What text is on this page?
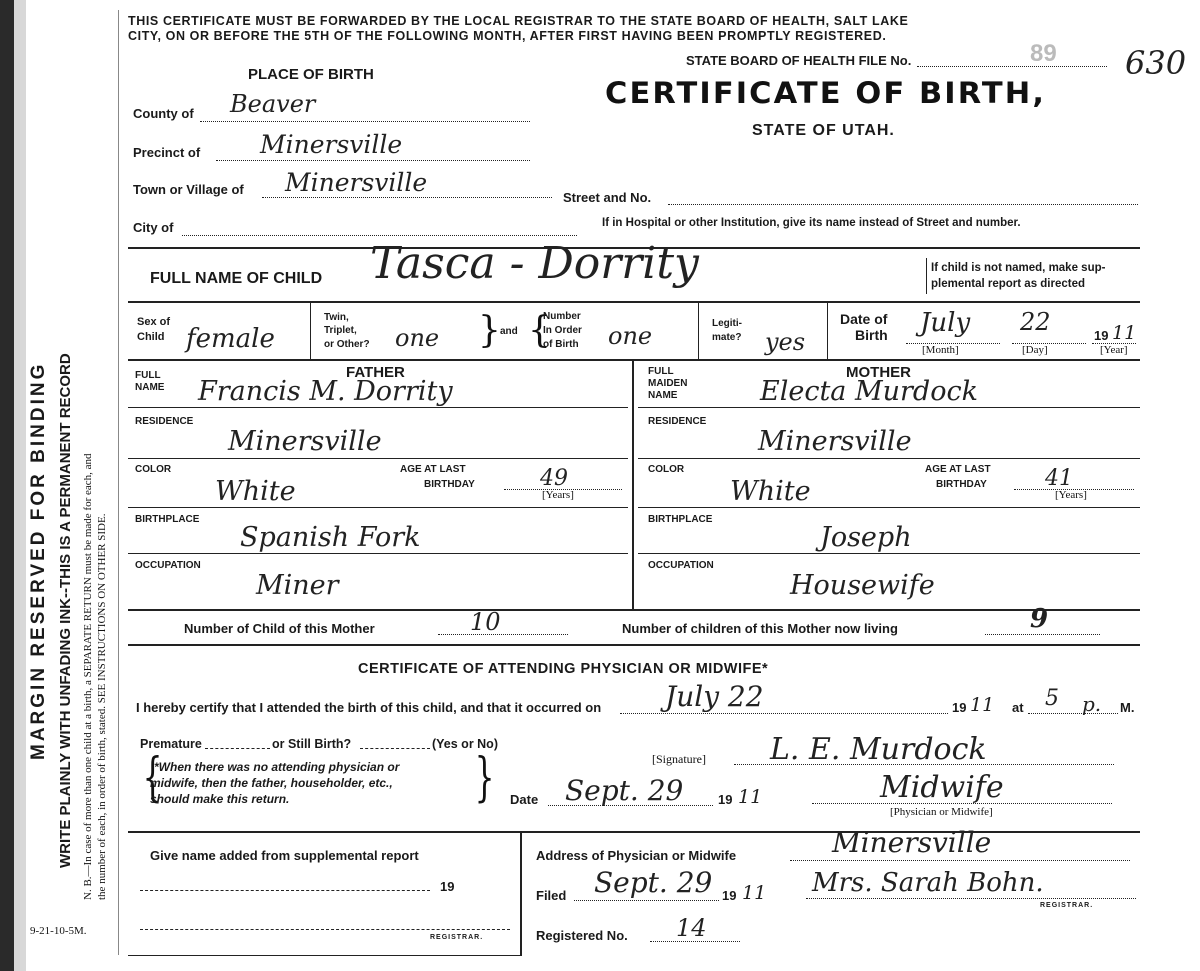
MARGIN RESERVED FOR BINDING WRITE PLAINLY WITH UNFADING INK--THIS IS A PERMANENT RECORD N. B.—In case of more than one child at a birth, a SEPARATE RETURN must be made for each, and the number of each, in order of birth, stated. SEE INSTRUCTIONS ON OTHER SIDE.
9-21-10-5M.
THIS CERTIFICATE MUST BE FORWARDED BY THE LOCAL REGISTRAR TO THE STATE BOARD OF HEALTH, SALT LAKE
CITY, ON OR BEFORE THE 5TH OF THE FOLLOWING MONTH, AFTER FIRST HAVING BEEN PROMPTLY REGISTERED.
PLACE OF BIRTH
STATE BOARD OF HEALTH FILE No.	89 630
CERTIFICATE OF BIRTH,
STATE OF UTAH.
County of Beaver
Precinct of Minersville
Town or Village of Minersville
Street and No.
City of	If in Hospital or other Institution, give its name instead of Street and number.
FULL NAME OF CHILD Tasca - Dorrity	If child is not named, make sup-
plemental report as directed
Sex of
Child female
Twin,
Triplet,
or Other? one } and {
Number
In Order
of Birth one	Legiti-
mate? yes
Date of
Birth July 22	19 11
[Month]	[Day]	[Year]
FATHER
FULL
NAME Francis M. Dorrity
RESIDENCE
Minersville
COLOR
White
AGE AT LAST
BIRTHDAY	49
[Years]
BIRTHPLACE
Spanish Fork
OCCUPATION
Miner
MOTHER
FULL
MAIDEN
NAME	Electa Murdock
RESIDENCE
Minersville
COLOR
White
AGE AT LAST
BIRTHDAY	41
[Years]
BIRTHPLACE
Joseph
OCCUPATION
Housewife
Number of Child of this Mother	10	Number of children of this Mother now living	9
CERTIFICATE OF ATTENDING PHYSICIAN OR MIDWIFE*
I hereby certify that I attended the birth of this child, and that it occurred on July 22	19 11 at 5 p. M.
Premature	or Still Birth?	(Yes or No)
[Signature] L. E. Murdock
{
*When there was no attending physician or
midwife, then the father, householder, etc.,
should make this return.	} Date Sept. 29	19 11	Midwife
[Physician or Midwife]
Give name added from supplemental report
19
REGISTRAR.
Address of Physician or Midwife	Minersville
Filed Sept. 29 19 11 Mrs. Sarah Bohn.
REGISTRAR.
Registered No. 14
